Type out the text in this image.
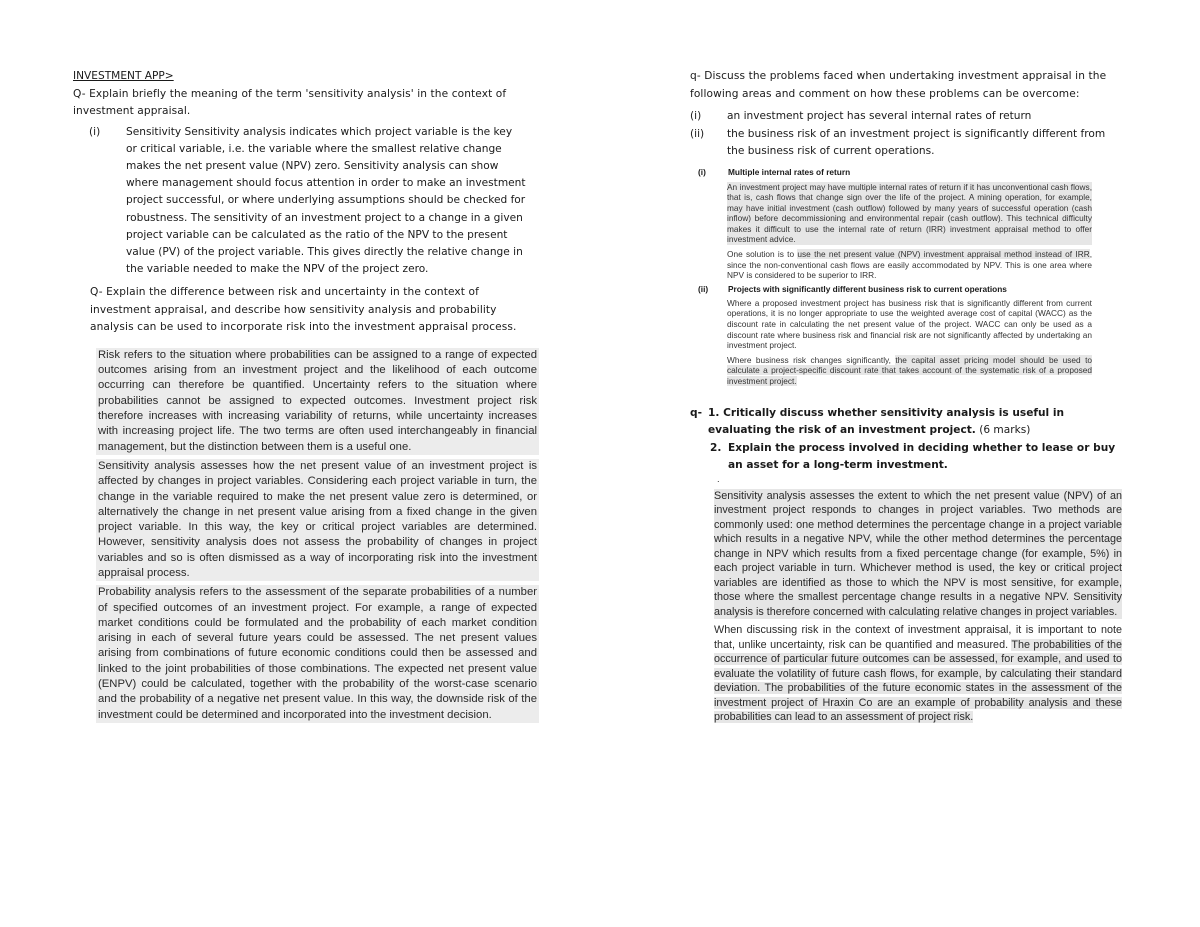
INVESTMENT APP>

Q- Explain briefly the meaning of the term 'sensitivity analysis' in the context of investment appraisal.

(i)	Sensitivity Sensitivity analysis indicates which project variable is the key or critical variable, i.e. the variable where the smallest relative change makes the net present value (NPV) zero. Sensitivity analysis can show where management should focus attention in order to make an investment project successful, or where underlying assumptions should be checked for robustness. The sensitivity of an investment project to a change in a given project variable can be calculated as the ratio of the NPV to the present value (PV) of the project variable. This gives directly the relative change in the variable needed to make the NPV of the project zero.

Q- Explain the difference between risk and uncertainty in the context of investment appraisal, and describe how sensitivity analysis and probability analysis can be used to incorporate risk into the investment appraisal process.

Risk refers to the situation where probabilities can be assigned to a range of expected outcomes arising from an investment project and the likelihood of each outcome occurring can therefore be quantified. Uncertainty refers to the situation where probabilities cannot be assigned to expected outcomes. Investment project risk therefore increases with increasing variability of returns, while uncertainty increases with increasing project life. The two terms are often used interchangeably in financial management, but the distinction between them is a useful one.

Sensitivity analysis assesses how the net present value of an investment project is affected by changes in project variables. Considering each project variable in turn, the change in the variable required to make the net present value zero is determined, or alternatively the change in net present value arising from a fixed change in the given project variable. In this way, the key or critical project variables are determined. However, sensitivity analysis does not assess the probability of changes in project variables and so is often dismissed as a way of incorporating risk into the investment appraisal process.

Probability analysis refers to the assessment of the separate probabilities of a number of specified outcomes of an investment project. For example, a range of expected market conditions could be formulated and the probability of each market condition arising in each of several future years could be assessed. The net present values arising from combinations of future economic conditions could then be assessed and linked to the joint probabilities of those combinations. The expected net present value (ENPV) could be calculated, together with the probability of the worst-case scenario and the probability of a negative net present value. In this way, the downside risk of the investment could be determined and incorporated into the investment decision.

q- Discuss the problems faced when undertaking investment appraisal in the following areas and comment on how these problems can be overcome:

(i)	an investment project has several internal rates of return
(ii)	the business risk of an investment project is significantly different from the business risk of current operations.
(i)	Multiple internal rates of return

An investment project may have multiple internal rates of return if it has unconventional cash flows, that is, cash flows that change sign over the life of the project. A mining operation, for example, may have initial investment (cash outflow) followed by many years of successful operation (cash inflow) before decommissioning and environmental repair (cash outflow). This technical difficulty makes it difficult to use the internal rate of return (IRR) investment appraisal method to offer investment advice.

One solution is to use the net present value (NPV) investment appraisal method instead of IRR, since the non-conventional cash flows are easily accommodated by NPV. This is one area where NPV is considered to be superior to IRR.

(ii)	Projects with significantly different business risk to current operations

Where a proposed investment project has business risk that is significantly different from current operations, it is no longer appropriate to use the weighted average cost of capital (WACC) as the discount rate in calculating the net present value of the project. WACC can only be used as a discount rate where business risk and financial risk are not significantly affected by undertaking an investment project.

Where business risk changes significantly, the capital asset pricing model should be used to calculate a project-specific discount rate that takes account of the systematic risk of a proposed investment project.

q- 1. Critically discuss whether sensitivity analysis is useful in evaluating the risk of an investment project. (6 marks)
2. Explain the process involved in deciding whether to lease or buy an asset for a long-term investment.

.

Sensitivity analysis assesses the extent to which the net present value (NPV) of an investment project responds to changes in project variables. Two methods are commonly used: one method determines the percentage change in a project variable which results in a negative NPV, while the other method determines the percentage change in NPV which results from a fixed percentage change (for example, 5%) in each project variable in turn. Whichever method is used, the key or critical project variables are identified as those to which the NPV is most sensitive, for example, those where the smallest percentage change results in a negative NPV. Sensitivity analysis is therefore concerned with calculating relative changes in project variables.

When discussing risk in the context of investment appraisal, it is important to note that, unlike uncertainty, risk can be quantified and measured. The probabilities of the occurrence of particular future outcomes can be assessed, for example, and used to evaluate the volatility of future cash flows, for example, by calculating their standard deviation. The probabilities of the future economic states in the assessment of the investment project of Hraxin Co are an example of probability analysis and these probabilities can lead to an assessment of project risk.
